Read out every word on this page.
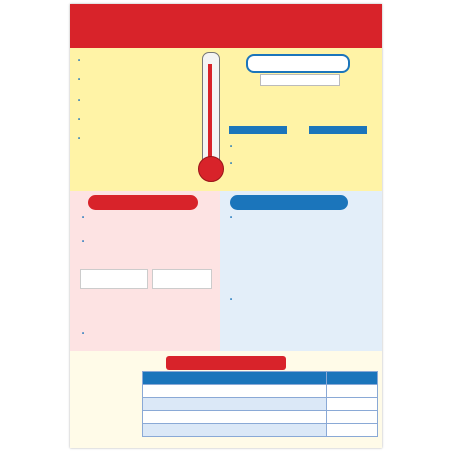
•
•
•
•
•
•
•
•
•
•
•
•
